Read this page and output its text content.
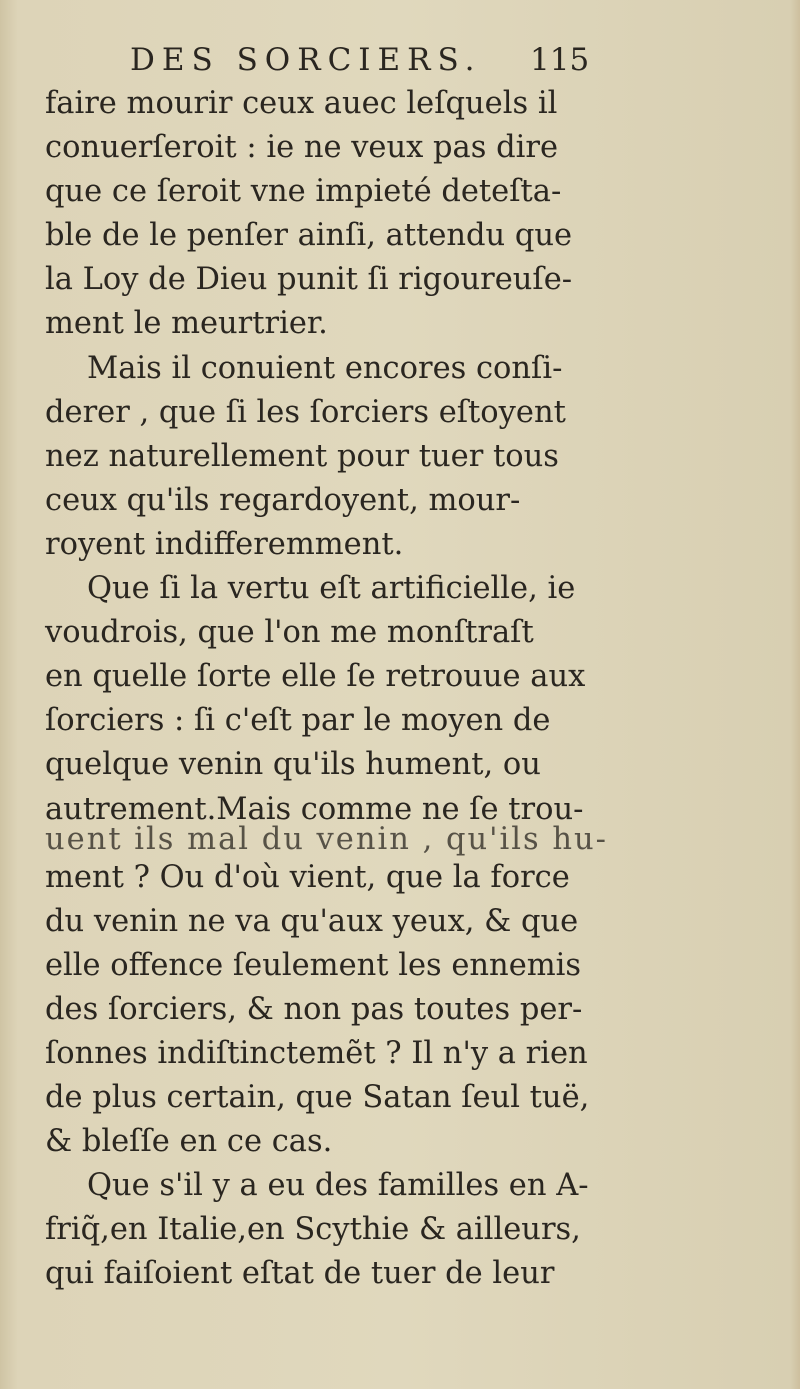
DES SORCIERS.	115
faire mourir ceux auec leſquels il
conuerſeroit : ie ne veux pas dire
que ce ſeroit vne impieté deteſta-
ble de le penſer ainſi, attendu que
la Loy de Dieu punit ſi rigoureuſe-
ment le meurtrier.
Mais il conuient encores conſi-
derer , que ſi les ſorciers eſtoyent
nez naturellement pour tuer tous
ceux qu'ils regardoyent, mour-
royent indifferemment.
Que ſi la vertu eſt artificielle, ie
voudrois, que l'on me monſtraſt
en quelle ſorte elle ſe retrouue aux
ſorciers : ſi c'eſt par le moyen de
quelque venin qu'ils hument, ou
autrement.Mais comme ne ſe trou-
uent ils mal du venin , qu'ils hu-
ment ? Ou d'où vient, que la force
du venin ne va qu'aux yeux, & que
elle offence ſeulement les ennemis
des ſorciers, & non pas toutes per-
ſonnes indiſtinctemẽt ? Il n'y a rien
de plus certain, que Satan ſeul tuë,
& bleſſe en ce cas.
Que s'il y a eu des familles en A-
friq̃,en Italie,en Scythie & ailleurs,
qui faiſoient eſtat de tuer de leur
